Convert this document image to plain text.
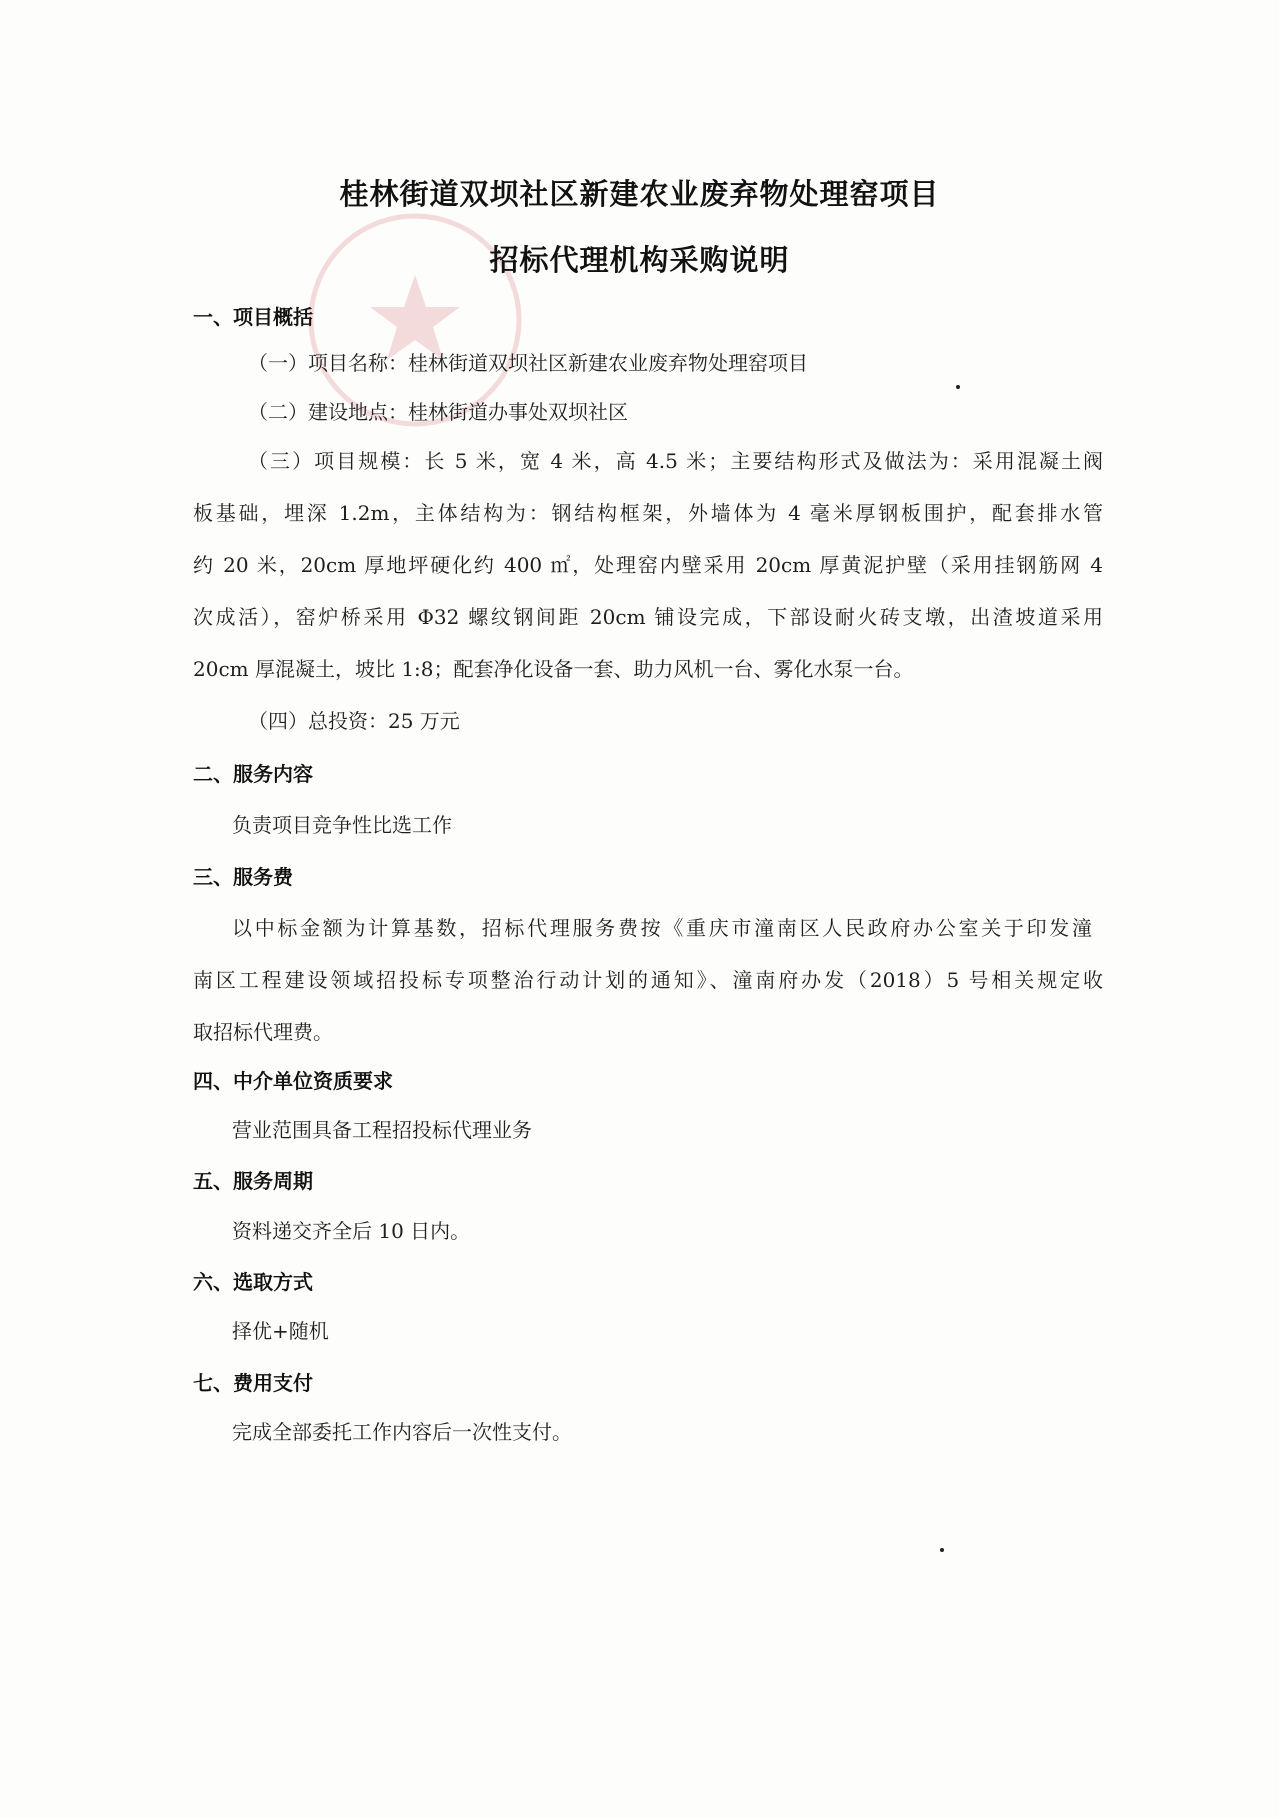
桂林街道双坝社区新建农业废弃物处理窑项目
招标代理机构采购说明
一、项目概括
（一）项目名称：桂林街道双坝社区新建农业废弃物处理窑项目
（二）建设地点：桂林街道办事处双坝社区
（三）项目规模：长 5 米，宽 4 米，高 4.5 米；主要结构形式及做法为：采用混凝土阀
板基础，埋深 1.2m，主体结构为：钢结构框架，外墙体为 4 毫米厚钢板围护，配套排水管
约 20 米，20cm 厚地坪硬化约 400 ㎡，处理窑内壁采用 20cm 厚黄泥护壁（采用挂钢筋网 4
次成活），窑炉桥采用 Φ32 螺纹钢间距 20cm 铺设完成，下部设耐火砖支墩，出渣坡道采用
20cm 厚混凝土，坡比 1:8；配套净化设备一套、助力风机一台、雾化水泵一台。
（四）总投资：25 万元
二、服务内容
负责项目竞争性比选工作
三、服务费
以中标金额为计算基数，招标代理服务费按《重庆市潼南区人民政府办公室关于印发潼
南区工程建设领域招投标专项整治行动计划的通知》、潼南府办发（2018）5 号相关规定收
取招标代理费。
四、中介单位资质要求
营业范围具备工程招投标代理业务
五、服务周期
资料递交齐全后 10 日内。
六、选取方式
择优+随机
七、费用支付
完成全部委托工作内容后一次性支付。
